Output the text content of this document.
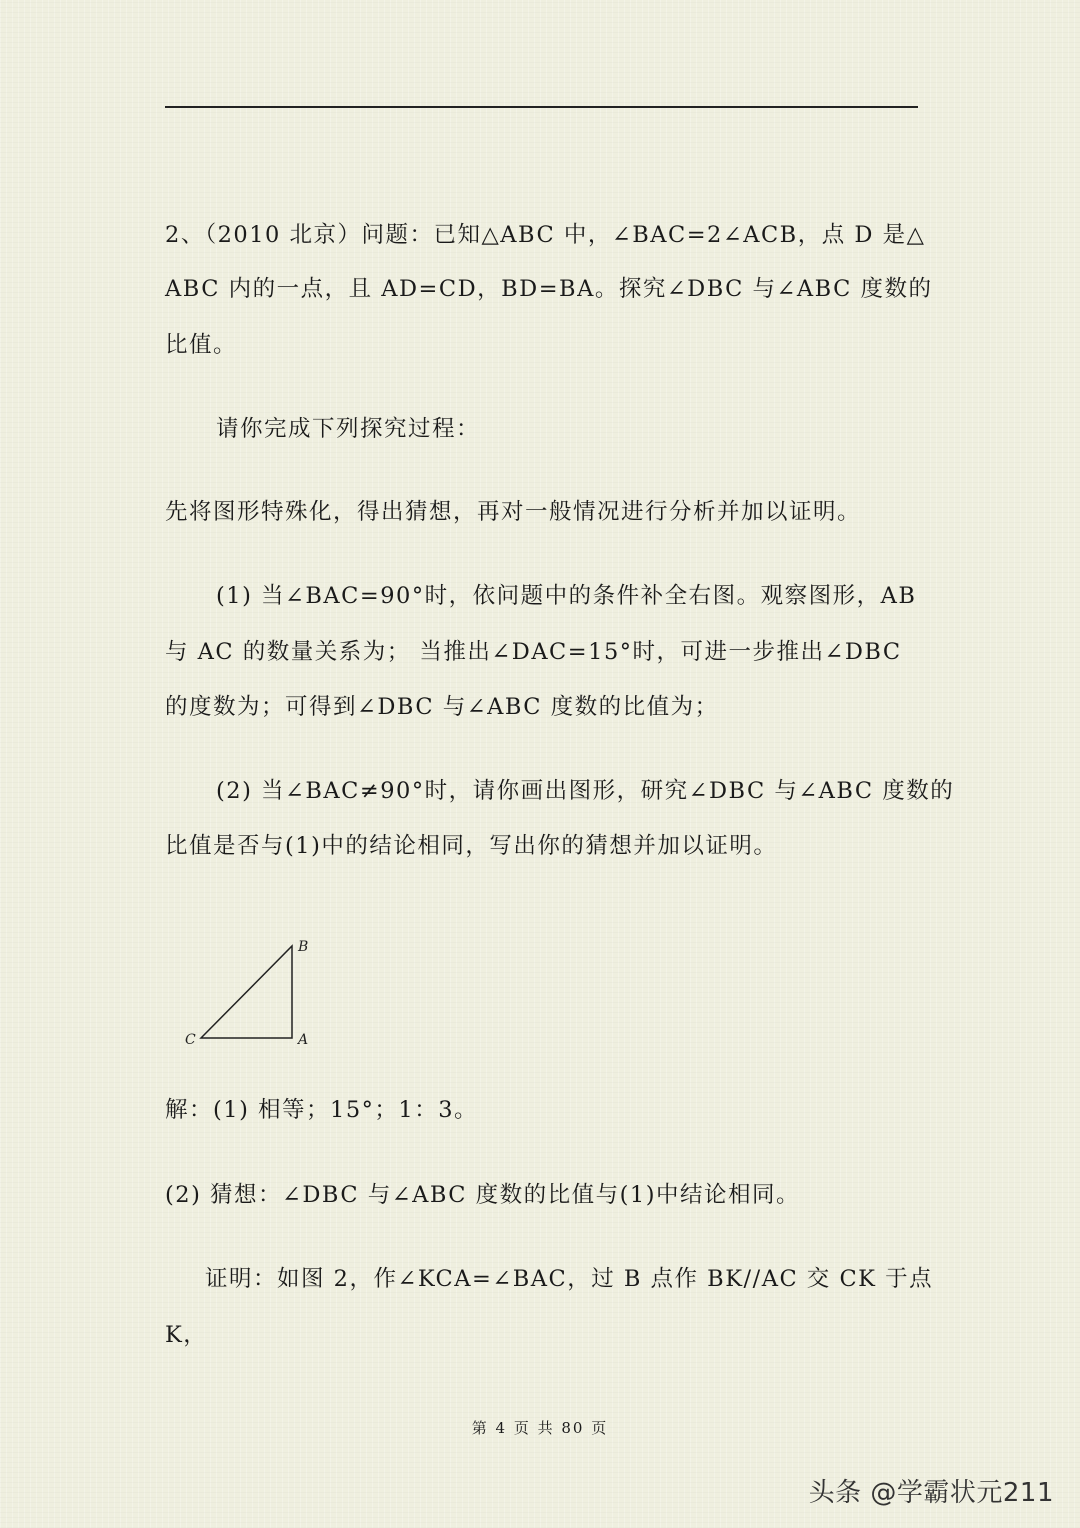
2、（2010 北京）问题：已知△ABC 中，∠BAC=2∠ACB，点 D 是△
ABC 内的一点，且 AD=CD，BD=BA。探究∠DBC 与∠ABC 度数的
比值。
请你完成下列探究过程：
先将图形特殊化，得出猜想，再对一般情况进行分析并加以证明。
(1) 当∠BAC=90°时，依问题中的条件补全右图。观察图形，AB
与 AC 的数量关系为； 当推出∠DAC=15°时，可进一步推出∠DBC
的度数为；可得到∠DBC 与∠ABC 度数的比值为；
(2) 当∠BAC≠90°时，请你画出图形，研究∠DBC 与∠ABC 度数的
比值是否与(1)中的结论相同，写出你的猜想并加以证明。
B
C	A
解：(1) 相等；15°；1：3。
(2) 猜想：∠DBC 与∠ABC 度数的比值与(1)中结论相同。
证明：如图 2，作∠KCA=∠BAC，过 B 点作 BK//AC 交 CK 于点
K，
第 4 页 共 80 页
头条 @学霸状元211
